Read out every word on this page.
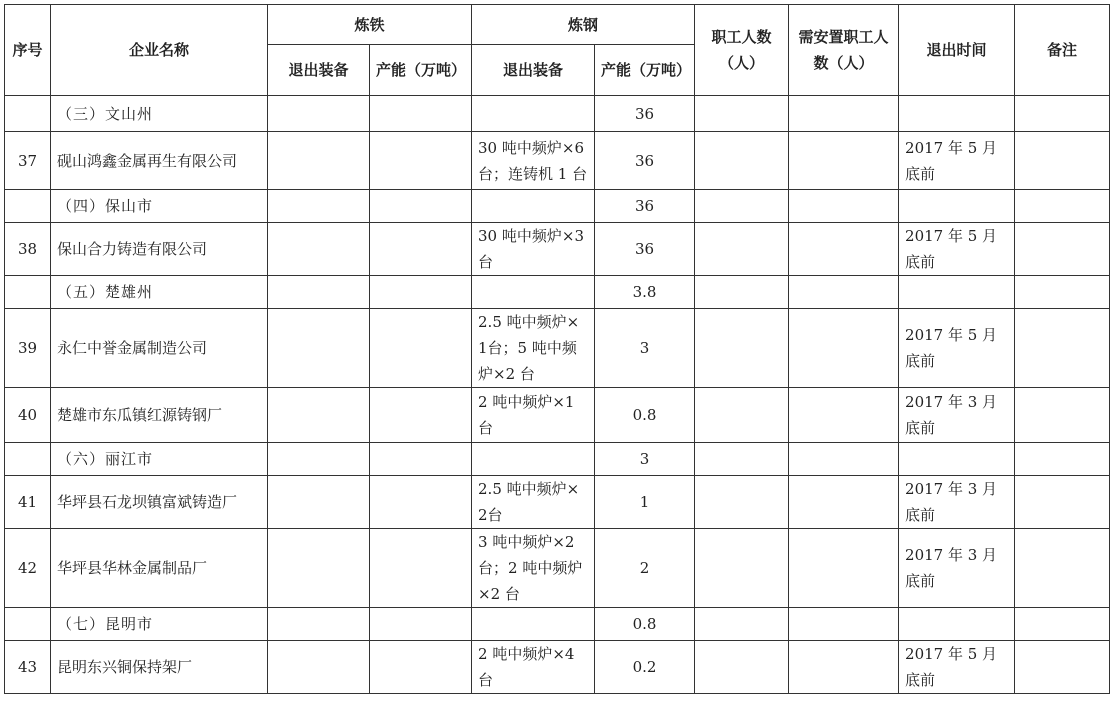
序号	企业名称	炼铁		炼钢		职工人数（人）	需安置职工人数（人）	退出时间	备注
		退出装备	产能（万吨）	退出装备	产能（万吨）				
	（三）文山州				36				
37	砚山鸿鑫金属再生有限公司			30 吨中频炉×6台；连铸机 1 台	36			2017 年 5 月底前	
	（四）保山市				36				
38	保山合力铸造有限公司			30 吨中频炉×3台	36			2017 年 5 月底前	
	（五）楚雄州				3.8				
39	永仁中誉金属制造公司			2.5 吨中频炉×1台；5 吨中频炉×2 台	3			2017 年 5 月底前	
40	楚雄市东瓜镇红源铸钢厂			2 吨中频炉×1 台	0.8			2017 年 3 月底前	
	（六）丽江市				3				
41	华坪县石龙坝镇富斌铸造厂			2.5 吨中频炉×2台	1			2017 年 3 月底前	
42	华坪县华林金属制品厂			3 吨中频炉×2台；2 吨中频炉×2 台	2			2017 年 3 月底前	
	（七）昆明市				0.8				
43	昆明东兴铜保持架厂			2 吨中频炉×4 台	0.2			2017 年 5 月底前	
